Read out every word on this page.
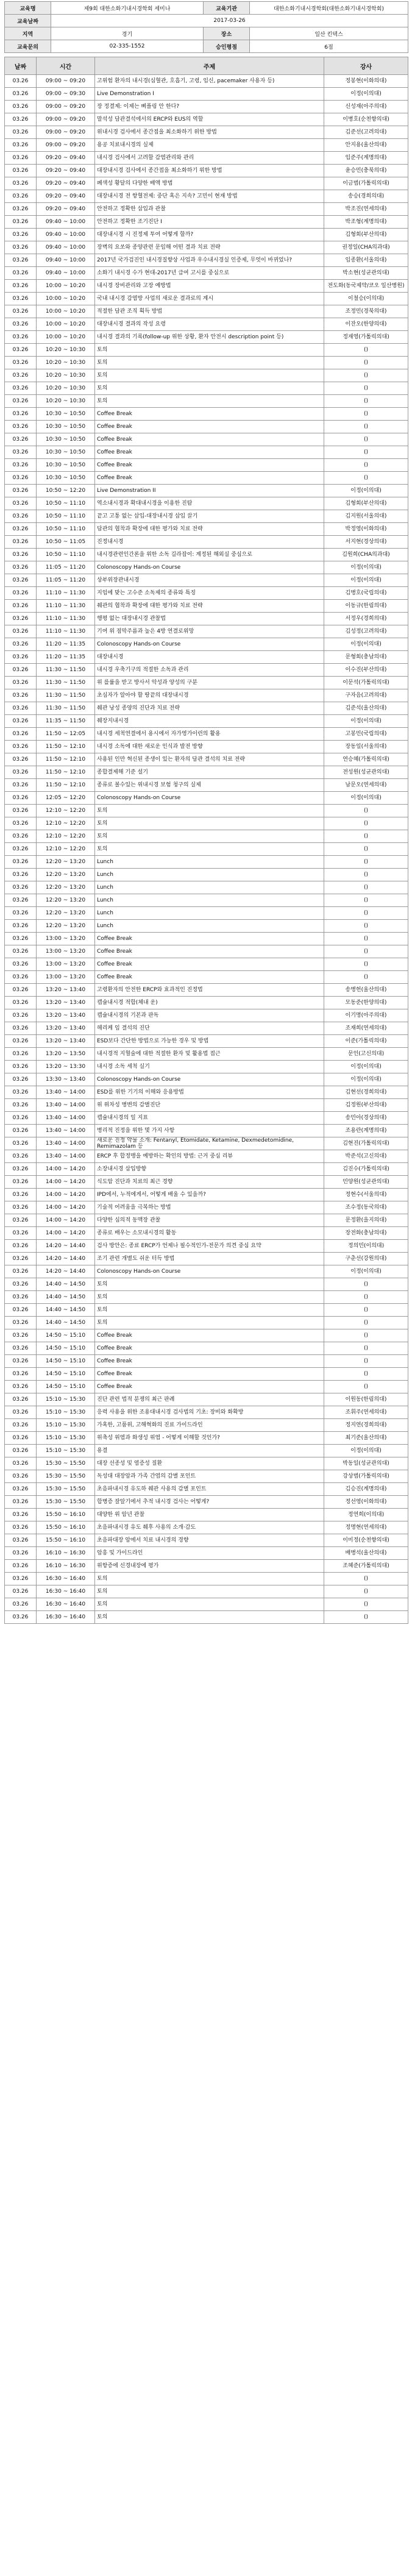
교육명	제9회 대한소화기내시경학회 세미나	교육기관	대한소화기내시경학회(대한소화기내시경학회)
교육날짜	2017-03-26		
지역	경기	장소	일산 킨텍스
교육문의	02-335-1552	승인평점	6점
날짜	시간	주제	강사
03.26	09:00 ~ 09:20	고위험 환자의 내시경(심혈관, 호흡기, 고령, 임신, pacemaker 사용자 등)	정봉현(이화의대)
03.26	09:00 ~ 09:30	Live Demonstration I	이정(이의대)
03.26	09:00 ~ 09:20	장 정결제: 이제는 삐플링 안 한다?	신성재(아주의대)
03.26	09:00 ~ 09:20	말석성 담관결석에서의 ERCP와 EUS의 역할	이병호(순천향의대)
03.26	09:00 ~ 09:20	위내시경 검사에서 종간접을 최소화하기 위한 방법	김준선(고려의대)
03.26	09:00 ~ 09:20	용공 치료내시경의 실제	안지용(울산의대)
03.26	09:20 ~ 09:40	내시경 검사에서 고려할 감염관리와 관리	임준주(계명의대)
03.26	09:20 ~ 09:40	대장내시경 검사에서 종간접을 최소화하기 위한 방법	윤승민(충북의대)
03.26	09:20 ~ 09:40	폐색성 황달의 다양한 배액 방법	이금범(가톨릭의대)
03.26	09:20 ~ 09:40	대장내시경 전 항혈전제: 중단 혹은 지속? 고민이 현재 방법	송승(경희의대)
03.26	09:20 ~ 09:40	안전하고 정확한 삽입과 관찰	박조진(연세의대)
03.26	09:40 ~ 10:00	안전하고 정확한 조기진단 I	박조형(계명의대)
03.26	09:40 ~ 10:00	대장내시경 시 진정제 투여 어떻게 할까?	김형회(부산의대)
03.26	09:40 ~ 10:00	장벽의 요쏘와 종양관련 문임해 어떤 결과 치료 전략	권정일(CHA의과대)
03.26	09:40 ~ 10:00	2017년 국가검진인 내시경질향상 사업과 우수내시경실 인증제, 무엇이 바뀌었나?	임종환(서울의대)
03.26	09:40 ~ 10:00	소화기 내시경 수가 현대-2017년 급여 고시를 중심으로	박소현(성균관의대)
03.26	10:00 ~ 10:20	내시경 장비관리와 고장 예방법	전도화(동국제약/코오 일산병원)
03.26	10:00 ~ 10:20	국내 내시경 감염방 사업의 새로운 결과로의 계시	이철승(이의대)
03.26	10:00 ~ 10:20	적절한 담관 조직 획득 방법	조정민(경북의대)
03.26	10:00 ~ 10:20	대장내시경 결과의 작성 요령	이잔오(한양의대)
03.26	10:00 ~ 10:20	내시경 결과의 기록(follow-up 위한 상황, 환자 안전시 description point 등)	정재영(가톨릭의대)
03.26	10:20 ~ 10:30	토의	()
03.26	10:20 ~ 10:30	토의	()
03.26	10:20 ~ 10:30	토의	()
03.26	10:20 ~ 10:30	토의	()
03.26	10:20 ~ 10:30	토의	()
03.26	10:30 ~ 10:50	Coffee Break	()
03.26	10:30 ~ 10:50	Coffee Break	()
03.26	10:30 ~ 10:50	Coffee Break	()
03.26	10:30 ~ 10:50	Coffee Break	()
03.26	10:30 ~ 10:50	Coffee Break	()
03.26	10:30 ~ 10:50	Coffee Break	()
03.26	10:50 ~ 12:20	Live Demonstration II	이정(이의대)
03.26	10:50 ~ 11:10	역소내시경과 확대내시경을 이용한 진탐	김형회(부산의대)
03.26	10:50 ~ 11:10	끝고 고통 없는 삽입-대장내시경 삽입 끌기	김지원(서울의대)
03.26	10:50 ~ 11:10	담관의 협착과 확장에 대한 평가와 치료 전략	박정영(이화의대)
03.26	10:50 ~ 11:05	진정내시경	서지현(경상의대)
03.26	10:50 ~ 11:10	내시경관련인간론을 위한 소독 길라잡이: 계정된 해외실 중심으로	김원희(CHA의과대)
03.26	11:05 ~ 11:20	Colonoscopy Hands-on Course	이정(이의대)
03.26	11:05 ~ 11:20	상부위장관내시경	이정(이의대)
03.26	11:10 ~ 11:30	지임에 맞는 고수준 소독제의 종류와 특징	김병호(국립의대)
03.26	11:10 ~ 11:30	췌관의 협착과 확장에 대한 평가와 치료 전략	이동규(한림의대)
03.26	11:10 ~ 11:30	행평 없는 대장내시경 관찰법	서정우(경희의대)
03.26	11:10 ~ 11:30	기여 위 점막주름과 높은 4방 연결로위망	김성정(고려의대)
03.26	11:20 ~ 11:35	Colonoscopy Hands-on Course	이정(이의대)
03.26	11:20 ~ 11:35	대장내시경	문형회(충남의대)
03.26	11:30 ~ 11:50	내시경 우축기구의 적절한 소독과 관리	이수진(부산의대)
03.26	11:30 ~ 11:50	위 를률을 받고 방사서 악성과 양성의 구분	이문석(가톨릭의대)
03.26	11:30 ~ 11:50	초심자가 알아야 할 땅끝의 대장내시경	구자음(고려의대)
03.26	11:30 ~ 11:50	췌관 낭성 종양의 진단과 치료 전략	김준석(울산의대)
03.26	11:35 ~ 11:50	췌장지내시경	이정(이의대)
03.26	11:50 ~ 12:05	내시경 세척연결에서 용시에서 자가영가이런의 활용	고봉민(국립의대)
03.26	11:50 ~ 12:10	내시경 소독에 대한 새로운 인식과 발전 방향	장동일(서울의대)
03.26	11:50 ~ 12:10	사용된 인만 혁신된 종생이 있는 환자의 담관 결석의 치료 전략	연승혜(가톨릭의대)
03.26	11:50 ~ 12:10	종합결제해 기준 설기	전성원(성균관의대)
03.26	11:50 ~ 12:10	종류로 볼수있는 위내시경 보험 청구의 실제	남문오(연세의대)
03.26	12:05 ~ 12:20	Colonoscopy Hands-on Course	이정(이의대)
03.26	12:10 ~ 12:20	토의	()
03.26	12:10 ~ 12:20	토의	()
03.26	12:10 ~ 12:20	토의	()
03.26	12:10 ~ 12:20	토의	()
03.26	12:20 ~ 13:20	Lunch	()
03.26	12:20 ~ 13:20	Lunch	()
03.26	12:20 ~ 13:20	Lunch	()
03.26	12:20 ~ 13:20	Lunch	()
03.26	12:20 ~ 13:20	Lunch	()
03.26	12:20 ~ 13:20	Lunch	()
03.26	13:00 ~ 13:20	Coffee Break	()
03.26	13:00 ~ 13:20	Coffee Break	()
03.26	13:00 ~ 13:20	Coffee Break	()
03.26	13:00 ~ 13:20	Coffee Break	()
03.26	13:20 ~ 13:40	고령환자의 안전한 ERCP와 효과적인 진정법	송병헌(울산의대)
03.26	13:20 ~ 13:40	캡슐내시경 적합(체내 운)	모동준(한양의대)
03.26	13:20 ~ 13:40	캡슐내시경의 기본과 판독	이기명(아주의대)
03.26	13:20 ~ 13:40	헤리케 임 결석의 진단	조재희(연세의대)
03.26	13:20 ~ 13:40	ESD보다 간단한 방법으로 가능한 경우 및 방법	이준(가톨릭의대)
03.26	13:20 ~ 13:50	내시경적 지혈술에 대한 적절한 환자 및 활용법 접근	문인(고신의대)
03.26	13:20 ~ 13:30	내시경 소독 세척 실기	이정(이의대)
03.26	13:30 ~ 13:40	Colonoscopy Hands-on Course	이정(이의대)
03.26	13:40 ~ 14:00	ESD를 위한 기기의 이해와 응용방법	김현선(경희의대)
03.26	13:40 ~ 14:00	위 위차성 병변의 감별진단	김정원(부산의대)
03.26	13:40 ~ 14:00	캡슐내시경의 일 지표	송민아(경상의대)
03.26	13:40 ~ 14:00	병리적 진정을 위한 몇 가지 사항	조용란(계명의대)
03.26	13:40 ~ 14:00	새로운 진정 약물 소개: Fentanyl, Etomidate, Ketamine, Dexmedetomidine, Remimazolam 등	김현진(가톨릭의대)
03.26	13:40 ~ 14:00	ERCP 후 합정맹을 예방하는 확인의 방법: 근거 중심 리뷰	박준석(고신의대)
03.26	14:00 ~ 14:20	소장내시경 삽입방향	김진수(가톨릭의대)
03.26	14:00 ~ 14:20	식도암 진단과 치료의 최근 경향	민양원(성균관의대)
03.26	14:00 ~ 14:20	IPD에서, 누적에게서, 어떻게 배울 수 있을까?	정현수(서울의대)
03.26	14:00 ~ 14:20	기술적 어려움을 극복하는 방법	조수정(동국의대)
03.26	14:00 ~ 14:20	다양한 심의적 동맥장 관찰	문정환(을지의대)
03.26	14:00 ~ 14:20	종류로 배우는 소모내시경의 활동	장전화(충남의대)
03.26	14:20 ~ 14:40	검사 방안은: 종료 ERCP가 언제나 필수적인가-전문가 의견 중심 요약	정의민(이의대)
03.26	14:20 ~ 14:40	조기 관련 개별도 쉬운 터득 방법	구춘선(강원의대)
03.26	14:20 ~ 14:40	Colonoscopy Hands-on Course	이정(이의대)
03.26	14:40 ~ 14:50	토의	()
03.26	14:40 ~ 14:50	토의	()
03.26	14:40 ~ 14:50	토의	()
03.26	14:40 ~ 14:50	토의	()
03.26	14:50 ~ 15:10	Coffee Break	()
03.26	14:50 ~ 15:10	Coffee Break	()
03.26	14:50 ~ 15:10	Coffee Break	()
03.26	14:50 ~ 15:10	Coffee Break	()
03.26	14:50 ~ 15:10	Coffee Break	()
03.26	15:10 ~ 15:30	진단 관련 법적 분쟁의 최근 판례	이원동(한림의대)
03.26	15:10 ~ 15:30	응력 사용을 위한 조용대내시경 검사법의 기초: 장비와 화확방	조휘주(연세의대)
03.26	15:10 ~ 15:30	가혹한, 고품위, 고해혁화의 진료 가이드라인	정지연(경희의대)
03.26	15:10 ~ 15:30	위축성 위염과 화생성 위염 - 어떻게 이해할 것인가?	최기준(울산의대)
03.26	15:10 ~ 15:30	용결	이정(이의대)
03.26	15:30 ~ 15:50	대장 선종성 및 염증성 질환	박동일(성균관의대)
03.26	15:30 ~ 15:50	독성대 대장암과 가족 간염의 감별 포인트	강상범(가톨릭의대)
03.26	15:30 ~ 15:50	초음파내시경 유도하 췌관 사용의 감별 포인트	김승진(계명의대)
03.26	15:30 ~ 15:50	합병증 잘알기에서 추적 내시경 검사는 어떻게?	정선영(이화의대)
03.26	15:50 ~ 16:10	대양한 위 암년 관찰	정연희(이의대)
03.26	15:50 ~ 16:10	초음파내시경 유도 췌후 사용의 소개·감도	정명현(연세의대)
03.26	15:50 ~ 16:10	초음파대장 암에서 치료 내시경의 경향	이미정(순천향의대)
03.26	16:10 ~ 16:30	암흥 및 가이드라인	배병석(울산의대)
03.26	16:10 ~ 16:30	위항증에 신경내장에 평가	조혜준(가톨릭의대)
03.26	16:30 ~ 16:40	토의	()
03.26	16:30 ~ 16:40	토의	()
03.26	16:30 ~ 16:40	토의	()
03.26	16:30 ~ 16:40	토의	()
